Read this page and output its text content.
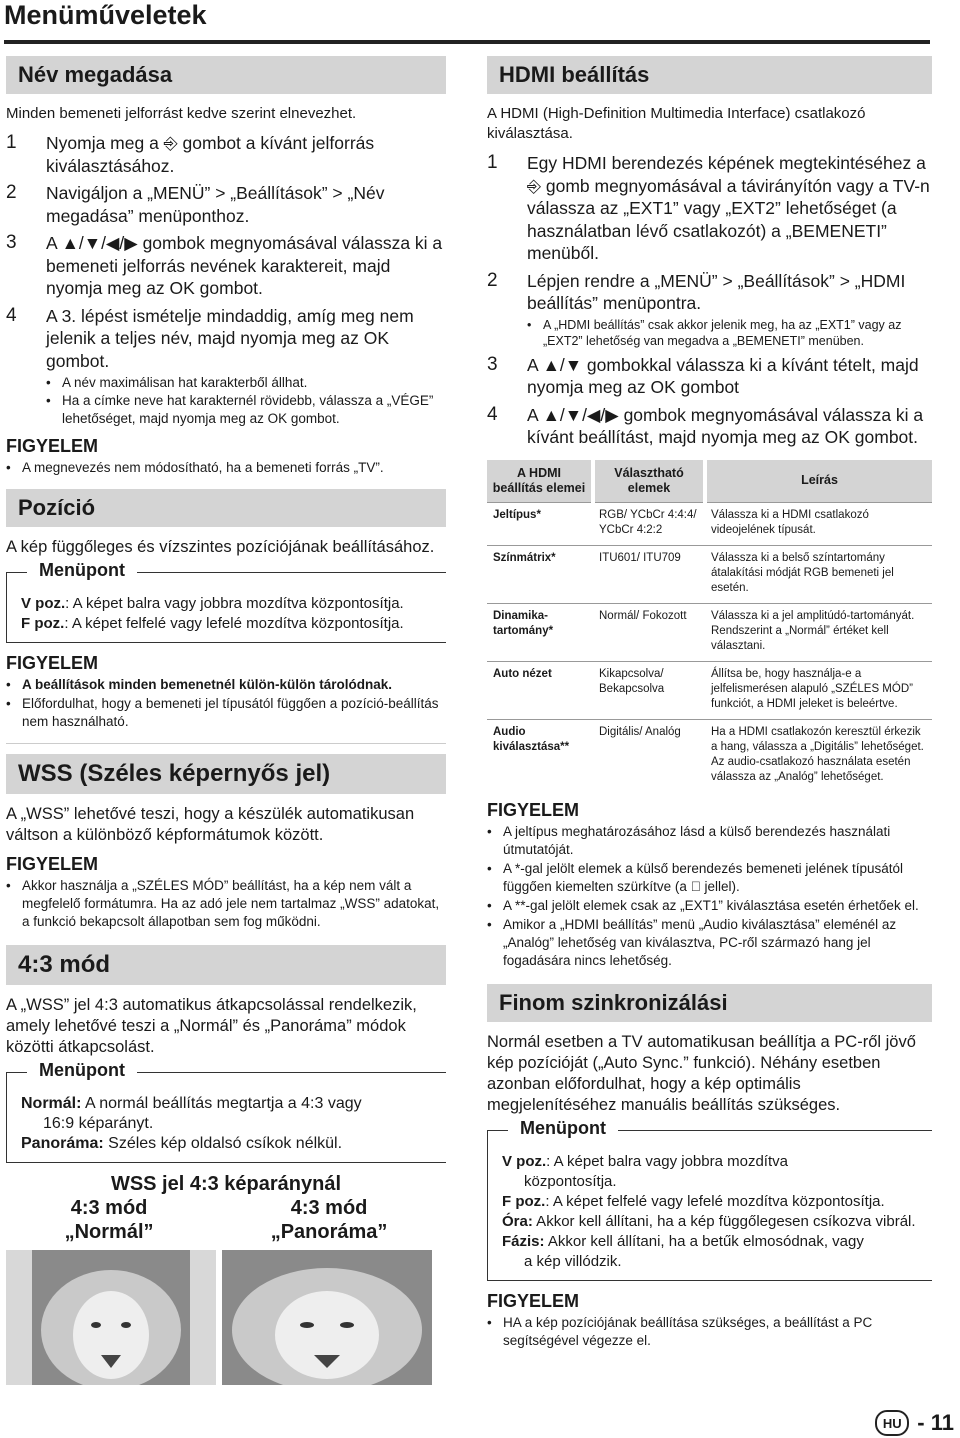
Menüműveletek
Név megadása

Minden bemeneti jelforrást kedve szerint elnevezhet.

1	Nyomja meg a ⎆ gombot a kívánt jelforrás kiválasztásához.
2	Navigáljon a „MENÜ” > „Beállítások” > „Név megadása” menüponthoz.
3	A ▲/▼/◀/▶ gombok megnyomásával válassza ki a bemeneti jelforrás nevének karaktereit, majd nyomja meg az OK gombot.
4	A 3. lépést ismételje mindaddig, amíg meg nem jelenik a teljes név, majd nyomja meg az OK gombot.
• A név maximálisan hat karakterből állhat.
• Ha a címke neve hat karakternél rövidebb, válassza a „VÉGE” lehetőséget, majd nyomja meg az OK gombot.
FIGYELEM
• A megnevezés nem módosítható, ha a bemeneti forrás „TV”.
Pozíció

A kép függőleges és vízszintes pozíciójának beállításához.

Menüpont
V poz.: A képet balra vagy jobbra mozdítva központosítja.
F poz.: A képet felfelé vagy lefelé mozdítva központosítja.
FIGYELEM
• A beállítások minden bemenetnél külön-külön tárolódnak.
• Előfordulhat, hogy a bemeneti jel típusától függően a pozíció-beállítás nem használható.
WSS (Széles képernyős jel)

A „WSS” lehetővé teszi, hogy a készülék automatikusan váltson a különböző képformátumok között.

FIGYELEM
• Akkor használja a „SZÉLES MÓD” beállítást, ha a kép nem vált a megfelelő formátumra. Ha az adó jele nem tartalmaz „WSS” adatokat, a funkció bekapcsolt állapotban sem fog működni.
4:3 mód

A „WSS” jel 4:3 automatikus átkapcsolással rendelkezik, amely lehetővé teszi a „Normál” és „Panoráma” módok közötti átkapcsolást.

Menüpont
Normál: A normál beállítás megtartja a 4:3 vagy
16:9 képarányt.
Panoráma: Széles kép oldalsó csíkok nélkül.
WSS jel 4:3 képaránynál
4:3 mód
„Normál”
4:3 mód
„Panoráma”
HDMI beállítás

A HDMI (High-Definition Multimedia Interface) csatlakozó kiválasztása.

1	Egy HDMI berendezés képének megtekintéséhez a ⎆ gomb megnyomásával a távirányítón vagy a TV-n válassza az „EXT1” vagy „EXT2” lehetőséget (a használatban lévő csatlakozót) a „BEMENETI” menüből.
2	Lépjen rendre a „MENÜ” > „Beállítások” > „HDMI beállítás” menüpontra.
• A „HDMI beállítás” csak akkor jelenik meg, ha az „EXT1” vagy az „EXT2” lehetőség van megadva a „BEMENETI” menüben.
3	A ▲/▼ gombokkal válassza ki a kívánt tételt, majd nyomja meg az OK gombot
4	A ▲/▼/◀/▶ gombok megnyomásával válassza ki a kívánt beállítást, majd nyomja meg az OK gombot.
A HDMI beállítás elemei	Választható elemek	Leírás
Jeltípus*	RGB/ YCbCr 4:4:4/ YCbCr 4:2:2	Válassza ki a HDMI csatlakozó videojelének típusát.
Színmátrix*	ITU601/ ITU709	Válassza ki a belső színtartomány átalakítási módját RGB bemeneti jel esetén.
Dinamika-tartomány*	Normál/ Fokozott	Válassza ki a jel amplitúdó-tartományát. Rendszerint a „Normál” értéket kell választani.
Auto nézet	Kikapcsolva/ Bekapcsolva	Állítsa be, hogy használja-e a jelfelismerésen alapuló „SZÉLES MÓD” funkciót, a HDMI jeleket is beleértve.
Audio kiválasztása**	Digitális/ Analóg	Ha a HDMI csatlakozón keresztül érkezik a hang, válassza a „Digitális” lehetőséget. Az audio-csatlakozó használata esetén válassza az „Analóg” lehetőséget.
FIGYELEM
• A jeltípus meghatározásához lásd a külső berendezés használati útmutatóját.
• A *-gal jelölt elemek a külső berendezés bemeneti jelének típusától függően kiemelten szürkítve (a ⃠ jellel).
• A **-gal jelölt elemek csak az „EXT1” kiválasztása esetén érhetőek el.
• Amikor a „HDMI beállítás” menü „Audio kiválasztása” eleménél az „Analóg” lehetőség van kiválasztva, PC-ről származó hang jel fogadására nincs lehetőség.
Finom szinkronizálási

Normál esetben a TV automatikusan beállítja a PC-ről jövő kép pozícióját („Auto Sync.” funkció). Néhány esetben azonban előfordulhat, hogy a kép optimális megjelenítéséhez manuális beállítás szükséges.

Menüpont
V poz.: A képet balra vagy jobbra mozdítva
központosítja.
F poz.: A képet felfelé vagy lefelé mozdítva központosítja.
Óra: Akkor kell állítani, ha a kép függőlegesen csíkozva vibrál.
Fázis: Akkor kell állítani, ha a betűk elmosódnak, vagy
a kép villódzik.
FIGYELEM
• HA a kép pozíciójának beállítása szükséges, a beállítást a PC segítségével végezze el.
HU - 11
